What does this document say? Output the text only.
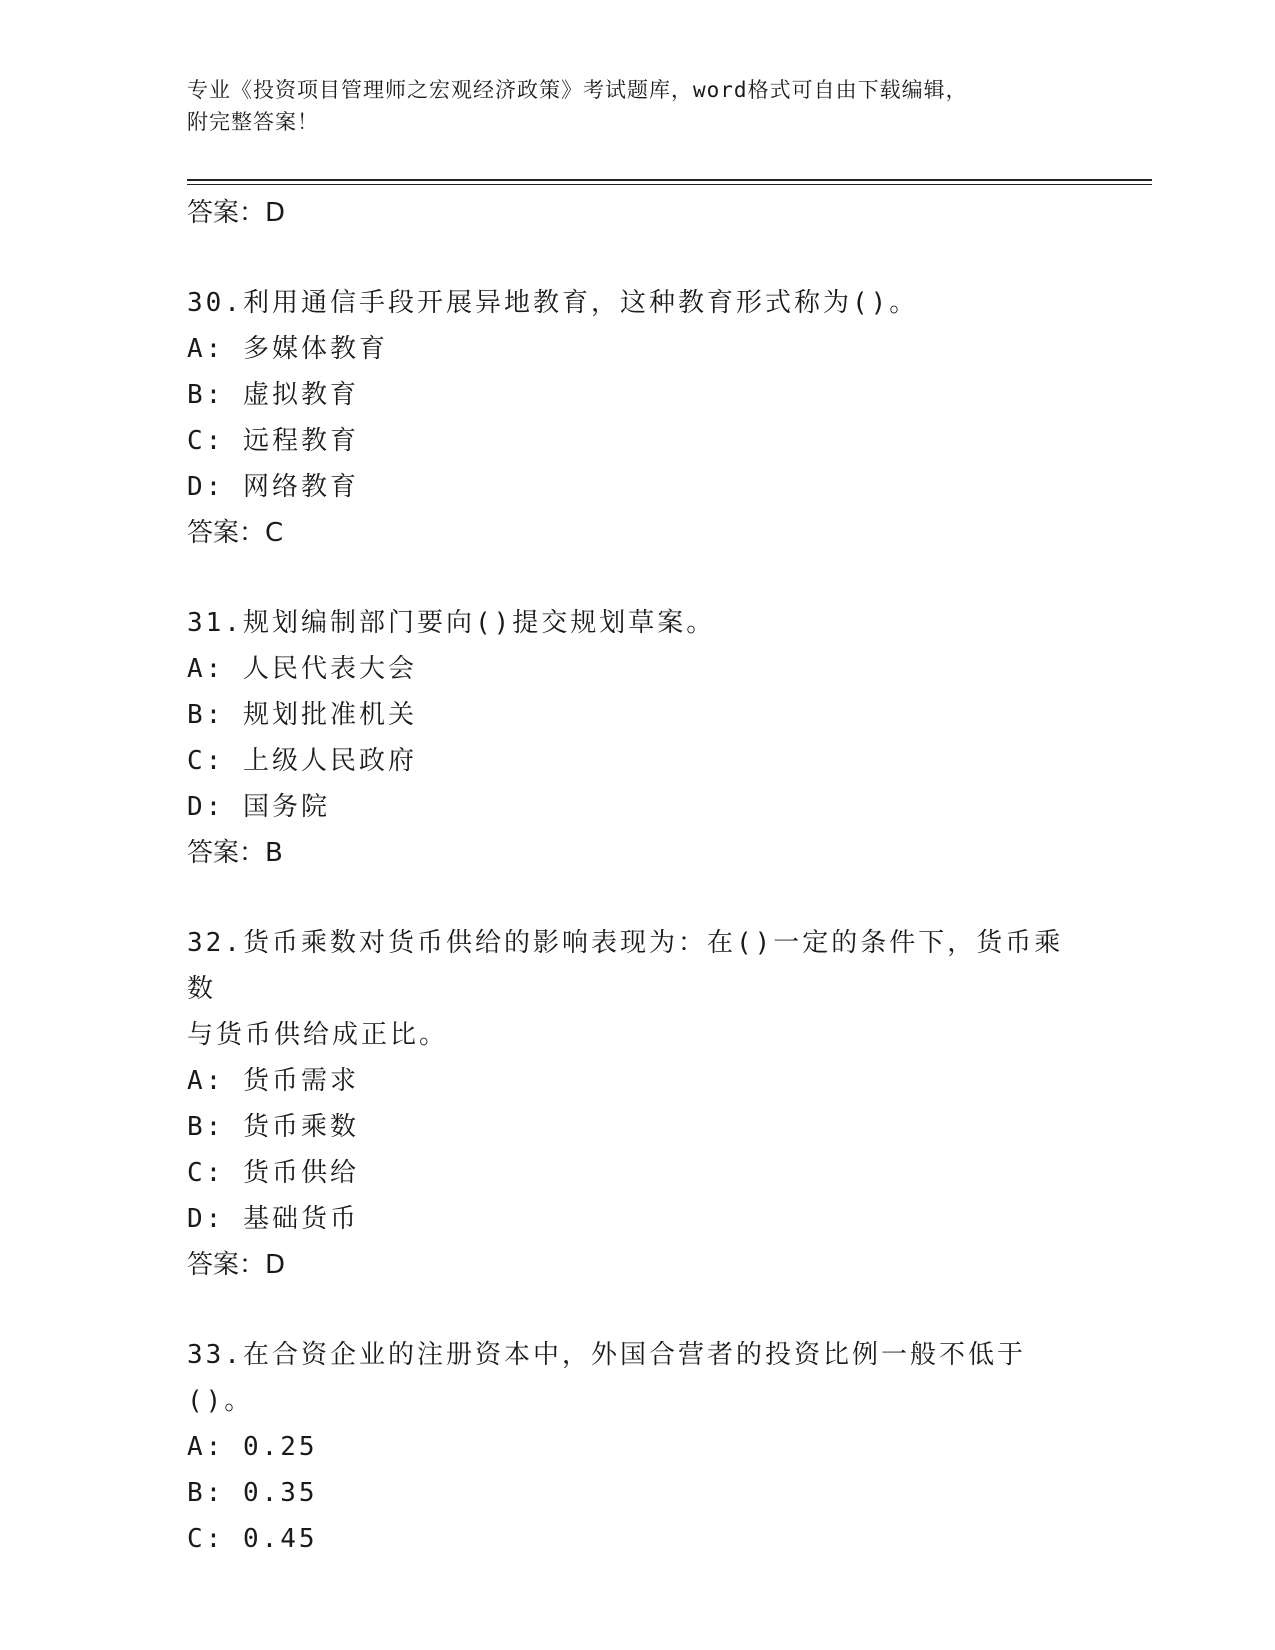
专业《投资项目管理师之宏观经济政策》考试题库，word格式可自由下载编辑，
附完整答案！
答案：D
30.利用通信手段开展异地教育，这种教育形式称为()。
A: 多媒体教育
B: 虚拟教育
C: 远程教育
D: 网络教育
答案：C
31.规划编制部门要向()提交规划草案。
A: 人民代表大会
B: 规划批准机关
C: 上级人民政府
D: 国务院
答案：B
32.货币乘数对货币供给的影响表现为：在()一定的条件下，货币乘数
与货币供给成正比。
A: 货币需求
B: 货币乘数
C: 货币供给
D: 基础货币
答案：D
33.在合资企业的注册资本中，外国合营者的投资比例一般不低于()。
A: 0.25
B: 0.35
C: 0.45
